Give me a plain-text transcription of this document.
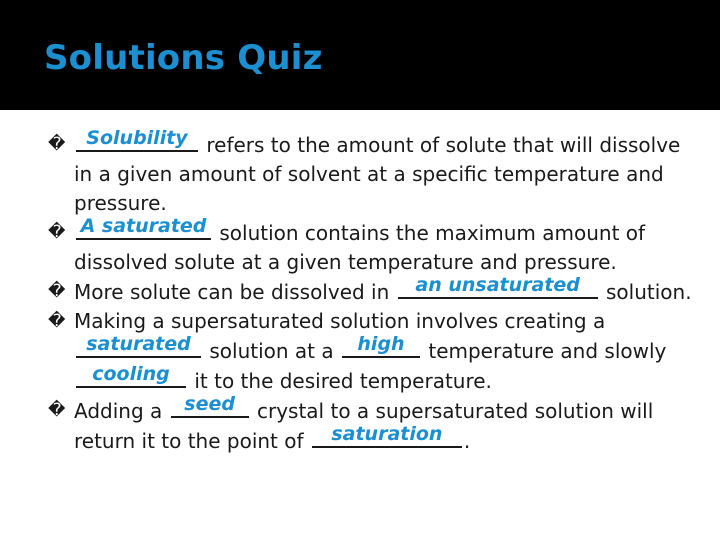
Solutions Quiz
�	Solubility refers to the amount of solute that will dissolve in a given amount of solvent at a specific temperature and pressure.
� A saturated solution contains the maximum amount of dissolved solute at a given temperature and pressure.
� More solute can be dissolved in	an unsaturated	solution.
� Making a supersaturated solution involves creating a
saturated solution at a	high	temperature and slowly
cooling	it to the desired temperature.
� Adding a	seed	crystal to a supersaturated solution will return it to the point of	saturation	.
